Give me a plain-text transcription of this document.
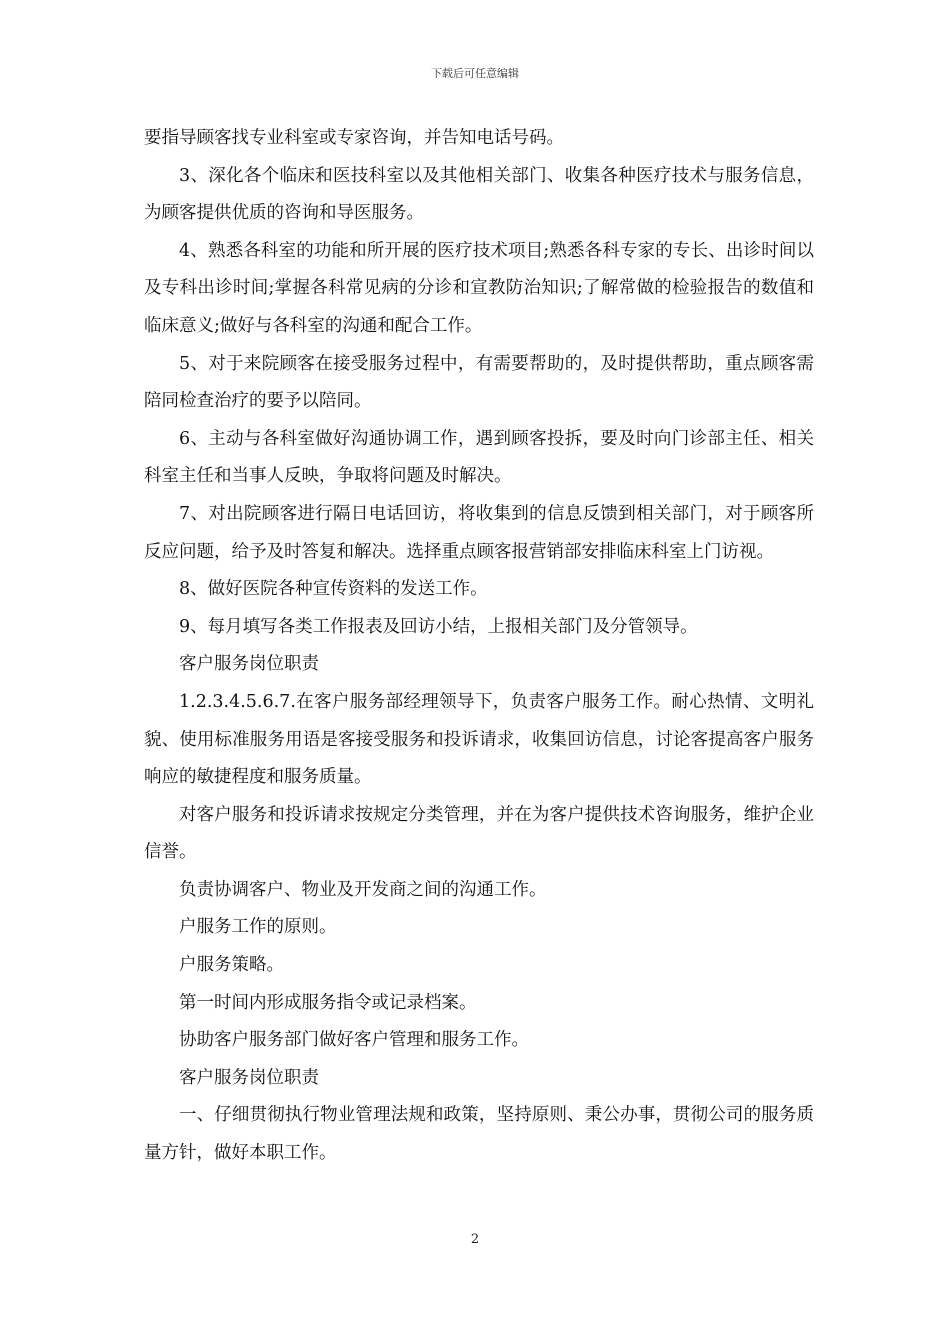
下载后可任意编辑

要指导顾客找专业科室或专家咨询，并告知电话号码。

3、深化各个临床和医技科室以及其他相关部门、收集各种医疗技术与服务信息，为顾客提供优质的咨询和导医服务。

4、熟悉各科室的功能和所开展的医疗技术项目;熟悉各科专家的专长、出诊时间以及专科出诊时间;掌握各科常见病的分诊和宣教防治知识;了解常做的检验报告的数值和临床意义;做好与各科室的沟通和配合工作。

5、对于来院顾客在接受服务过程中，有需要帮助的，及时提供帮助，重点顾客需陪同检查治疗的要予以陪同。

6、主动与各科室做好沟通协调工作，遇到顾客投拆，要及时向门诊部主任、相关科室主任和当事人反映，争取将问题及时解决。

7、对出院顾客进行隔日电话回访，将收集到的信息反馈到相关部门，对于顾客所反应问题，给予及时答复和解决。选择重点顾客报营销部安排临床科室上门访视。

8、做好医院各种宣传资料的发送工作。

9、每月填写各类工作报表及回访小结，上报相关部门及分管领导。

客户服务岗位职责

1.2.3.4.5.6.7.在客户服务部经理领导下，负责客户服务工作。耐心热情、文明礼貌、使用标准服务用语是客接受服务和投诉请求，收集回访信息，讨论客提高客户服务响应的敏捷程度和服务质量。

对客户服务和投诉请求按规定分类管理，并在为客户提供技术咨询服务，维护企业信誉。

负责协调客户、物业及开发商之间的沟通工作。

户服务工作的原则。

户服务策略。

第一时间内形成服务指令或记录档案。

协助客户服务部门做好客户管理和服务工作。

客户服务岗位职责

一、仔细贯彻执行物业管理法规和政策，坚持原则、秉公办事，贯彻公司的服务质量方针，做好本职工作。

2
